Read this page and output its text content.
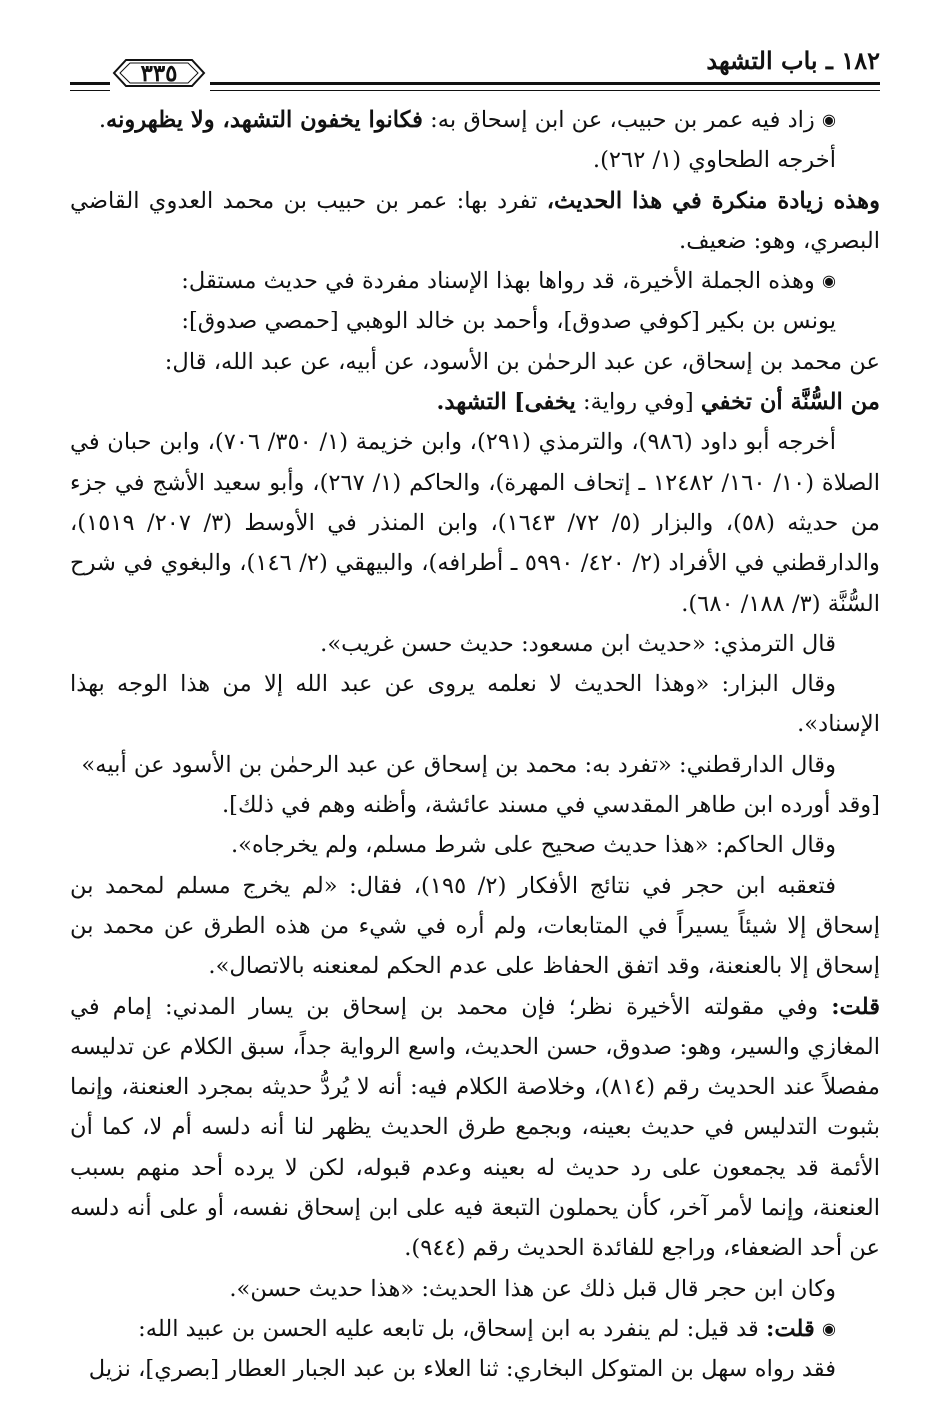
١٨٢ ـ باب التشهد
٣٣٥

◉ زاد فيه عمر بن حبيب، عن ابن إسحاق به: فكانوا يخفون التشهد، ولا يظهرونه.

أخرجه الطحاوي (١/ ٢٦٢).

وهذه زيادة منكرة في هذا الحديث، تفرد بها: عمر بن حبيب بن محمد العدوي القاضي البصري، وهو: ضعيف.

◉ وهذه الجملة الأخيرة، قد رواها بهذا الإسناد مفردة في حديث مستقل:

يونس بن بكير [كوفي صدوق]، وأحمد بن خالد الوهبي [حمصي صدوق]:

عن محمد بن إسحاق، عن عبد الرحمٰن بن الأسود، عن أبيه، عن عبد الله، قال:

من السُّنَّة أن تخفي [وفي رواية: يخفى] التشهد.

أخرجه أبو داود (٩٨٦)، والترمذي (٢٩١)، وابن خزيمة (١/ ٣٥٠/ ٧٠٦)، وابن حبان في الصلاة (١٠/ ١٦٠/ ١٢٤٨٢ ـ إتحاف المهرة)، والحاكم (١/ ٢٦٧)، وأبو سعيد الأشج في جزء من حديثه (٥٨)، والبزار (٥/ ٧٢/ ١٦٤٣)، وابن المنذر في الأوسط (٣/ ٢٠٧/ ١٥١٩)، والدارقطني في الأفراد (٢/ ٤٢٠/ ٥٩٩٠ ـ أطرافه)، والبيهقي (٢/ ١٤٦)، والبغوي في شرح السُّنَّة (٣/ ١٨٨/ ٦٨٠).

قال الترمذي: «حديث ابن مسعود: حديث حسن غريب».

وقال البزار: «وهذا الحديث لا نعلمه يروى عن عبد الله إلا من هذا الوجه بهذا الإسناد».

وقال الدارقطني: «تفرد به: محمد بن إسحاق عن عبد الرحمٰن بن الأسود عن أبيه»

[وقد أورده ابن طاهر المقدسي في مسند عائشة، وأظنه وهم في ذلك].

وقال الحاكم: «هذا حديث صحيح على شرط مسلم، ولم يخرجاه».

فتعقبه ابن حجر في نتائج الأفكار (٢/ ١٩٥)، فقال: «لم يخرج مسلم لمحمد بن إسحاق إلا شيئاً يسيراً في المتابعات، ولم أره في شيء من هذه الطرق عن محمد بن إسحاق إلا بالعنعنة، وقد اتفق الحفاظ على عدم الحكم لمعنعنه بالاتصال».

قلت: وفي مقولته الأخيرة نظر؛ فإن محمد بن إسحاق بن يسار المدني: إمام في المغازي والسير، وهو: صدوق، حسن الحديث، واسع الرواية جداً، سبق الكلام عن تدليسه مفصلاً عند الحديث رقم (٨١٤)، وخلاصة الكلام فيه: أنه لا يُردُّ حديثه بمجرد العنعنة، وإنما بثبوت التدليس في حديث بعينه، وبجمع طرق الحديث يظهر لنا أنه دلسه أم لا، كما أن الأئمة قد يجمعون على رد حديث له بعينه وعدم قبوله، لكن لا يرده أحد منهم بسبب العنعنة، وإنما لأمر آخر، كأن يحملون التبعة فيه على ابن إسحاق نفسه، أو على أنه دلسه عن أحد الضعفاء، وراجع للفائدة الحديث رقم (٩٤٤).

وكان ابن حجر قال قبل ذلك عن هذا الحديث: «هذا حديث حسن».

◉ قلت: قد قيل: لم ينفرد به ابن إسحاق، بل تابعه عليه الحسن بن عبيد الله:

فقد رواه سهل بن المتوكل البخاري: ثنا العلاء بن عبد الجبار العطار [بصري]، نزيل
